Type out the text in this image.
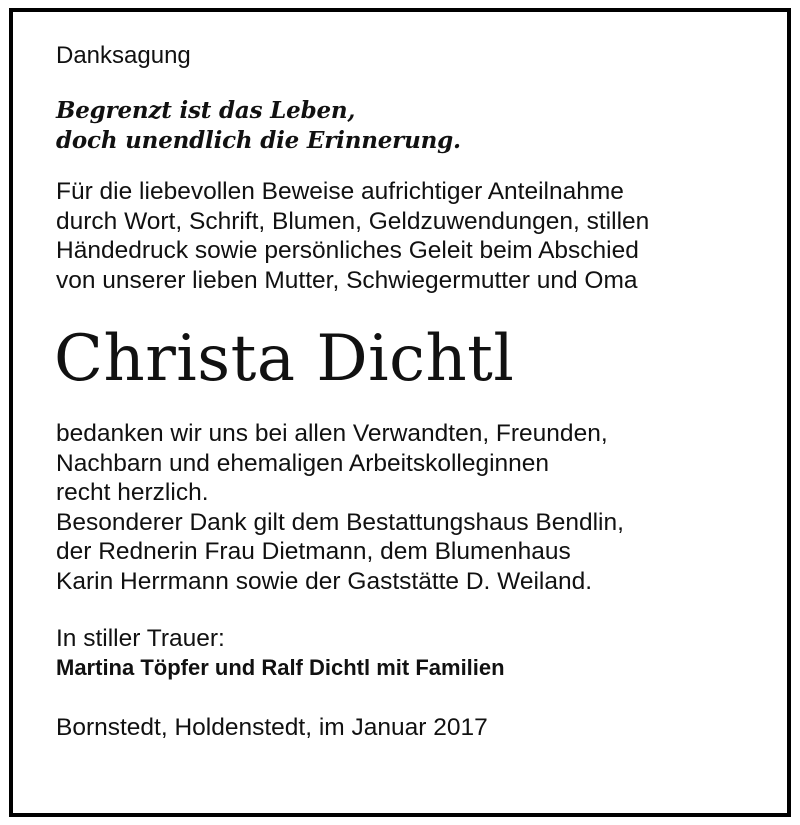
Danksagung

Begrenzt ist das Leben,
doch unendlich die Erinnerung.
Für die liebevollen Beweise aufrichtiger Anteilnahme
durch Wort, Schrift, Blumen, Geldzuwendungen, stillen
Händedruck sowie persönliches Geleit beim Abschied
von unserer lieben Mutter, Schwiegermutter und Oma
Christa Dichtl
bedanken wir uns bei allen Verwandten, Freunden,
Nachbarn und ehemaligen Arbeitskolleginnen
recht herzlich.
Besonderer Dank gilt dem Bestattungshaus Bendlin,
der Rednerin Frau Dietmann, dem Blumenhaus
Karin Herrmann sowie der Gaststätte D. Weiland.
In stiller Trauer:
Martina Töpfer und Ralf Dichtl mit Familien
Bornstedt, Holdenstedt, im Januar 2017
